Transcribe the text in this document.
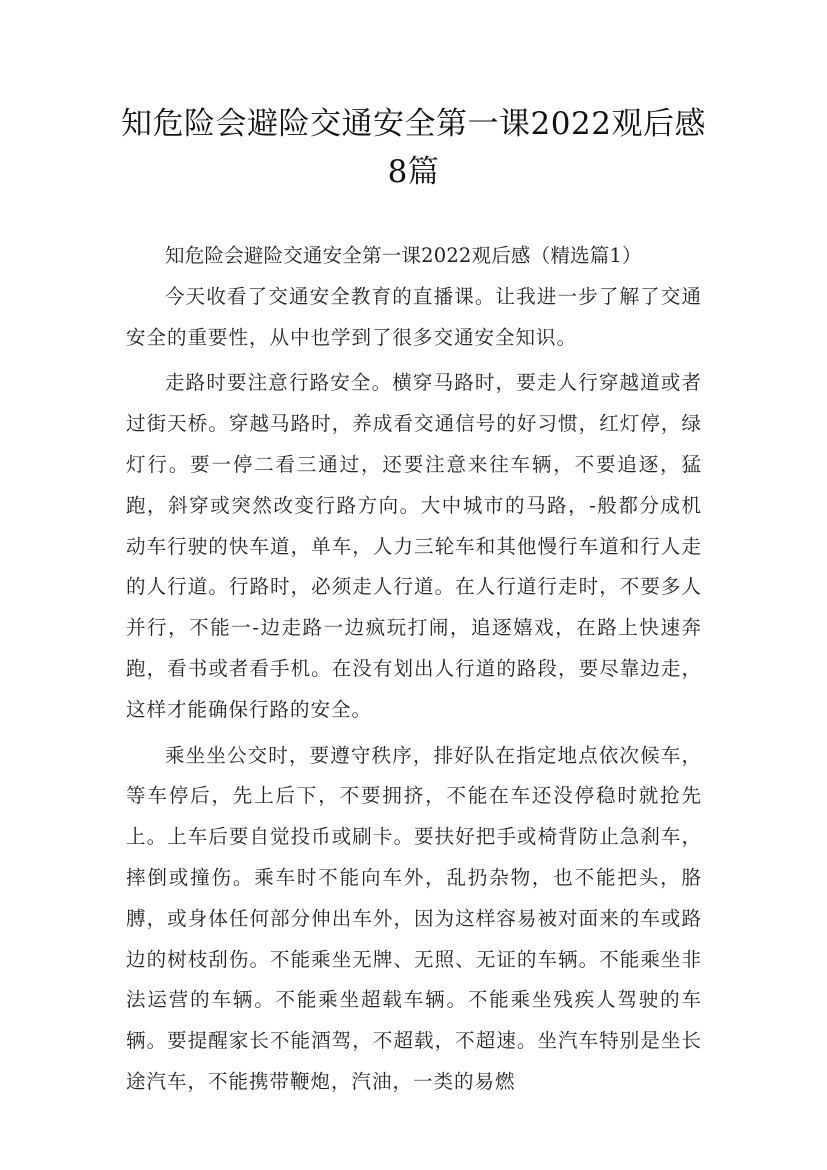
知危险会避险交通安全第一课2022观后感
8篇

知危险会避险交通安全第一课2022观后感（精选篇1）

今天收看了交通安全教育的直播课。让我进一步了解了交通安全的重要性，从中也学到了很多交通安全知识。

走路时要注意行路安全。横穿马路时，要走人行穿越道或者过街天桥。穿越马路时，养成看交通信号的好习惯，红灯停，绿灯行。要一停二看三通过，还要注意来往车辆，不要追逐，猛跑，斜穿或突然改变行路方向。大中城市的马路，-般都分成机动车行驶的快车道，单车，人力三轮车和其他慢行车道和行人走的人行道。行路时，必须走人行道。在人行道行走时，不要多人并行，不能一-边走路一边疯玩打闹，追逐嬉戏，在路上快速奔跑，看书或者看手机。在没有划出人行道的路段，要尽靠边走，这样才能确保行路的安全。

乘坐坐公交时，要遵守秩序，排好队在指定地点依次候车，等车停后，先上后下，不要拥挤，不能在车还没停稳时就抢先上。上车后要自觉投币或刷卡。要扶好把手或椅背防止急刹车，摔倒或撞伤。乘车时不能向车外，乱扔杂物，也不能把头，胳膊，或身体任何部分伸出车外，因为这样容易被对面来的车或路边的树枝刮伤。不能乘坐无牌、无照、无证的车辆。不能乘坐非法运营的车辆。不能乘坐超载车辆。不能乘坐残疾人驾驶的车辆。要提醒家长不能酒驾，不超载，不超速。坐汽车特别是坐长途汽车，不能携带鞭炮，汽油，一类的易燃
